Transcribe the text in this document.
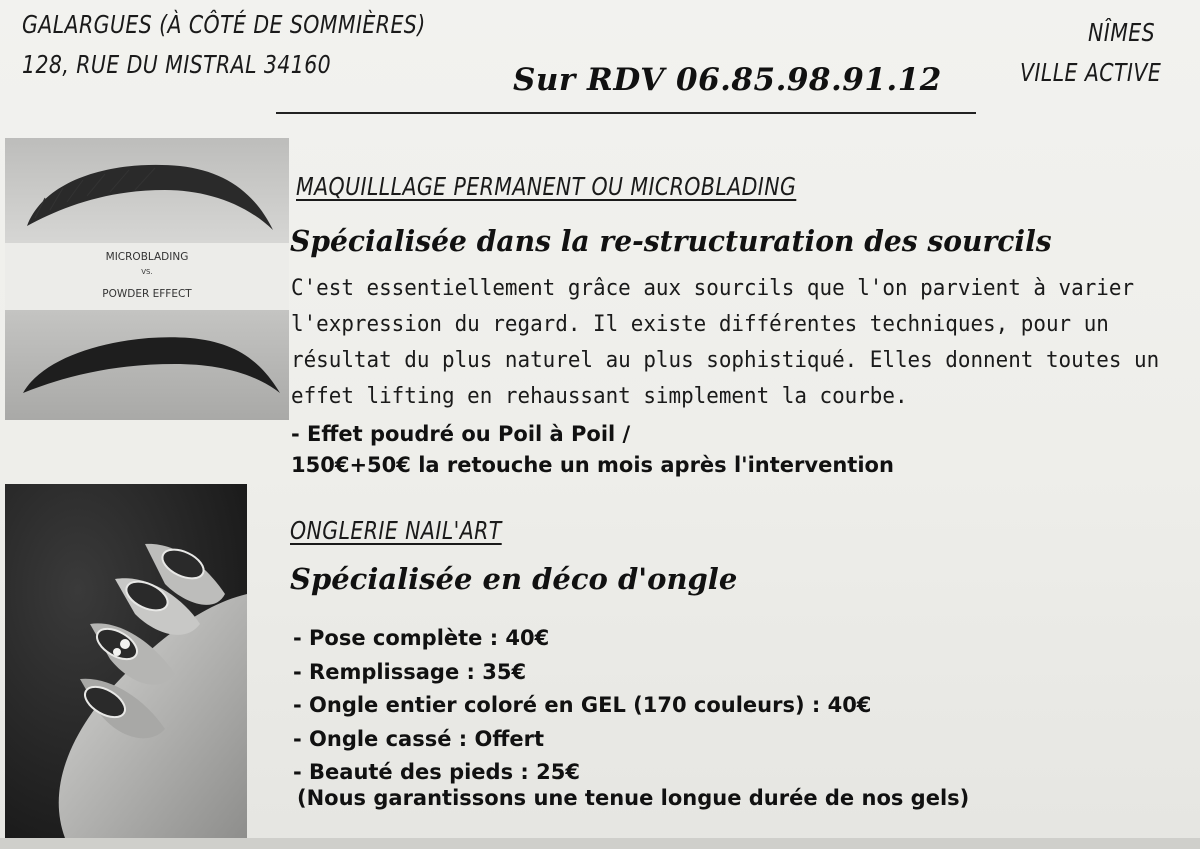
GALARGUES (À CÔTÉ DE SOMMIÈRES)
128, RUE DU MISTRAL 34160	Sur RDV 06.85.98.91.12
NÎMES
VILLE ACTIVE
MICROBLADING
VS.
POWDER EFFECT
MAQUILLLAGE PERMANENT OU MICROBLADING
Spécialisée dans la re-structuration des sourcils
C'est essentiellement grâce aux sourcils que l'on parvient à varier
l'expression du regard. Il existe différentes techniques, pour un
résultat du plus naturel au plus sophistiqué. Elles donnent toutes un
effet lifting en rehaussant simplement la courbe.
- Effet poudré ou Poil à Poil /
150€+50€ la retouche un mois après l'intervention
ONGLERIE NAIL'ART
Spécialisée en déco d'ongle
- Pose complète : 40€
- Remplissage : 35€
- Ongle entier coloré en GEL (170 couleurs) : 40€
- Ongle cassé : Offert
- Beauté des pieds : 25€
(Nous garantissons une tenue longue durée de nos gels)
